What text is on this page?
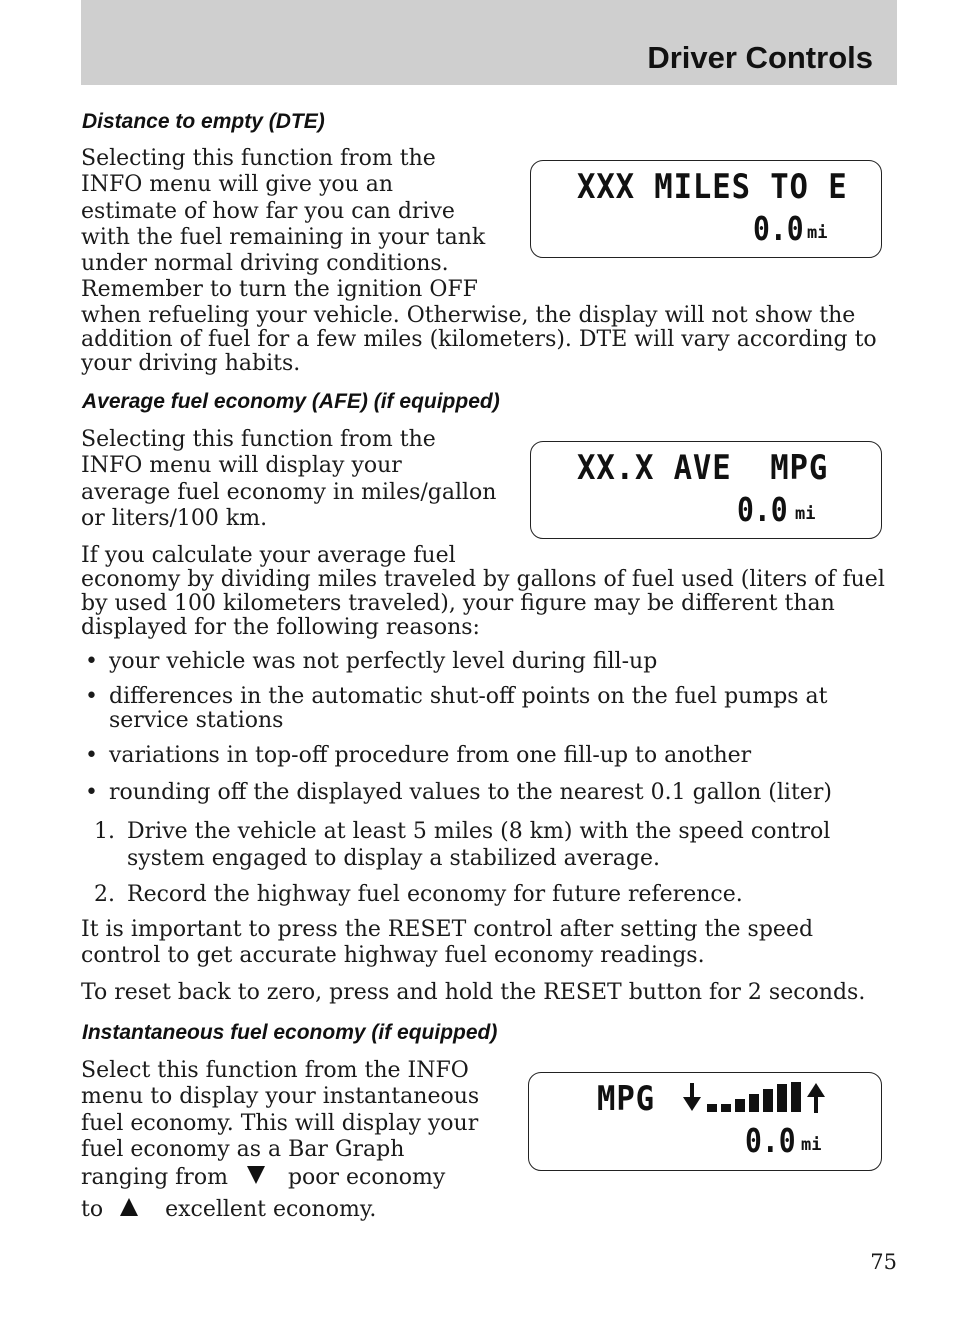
Driver Controls
Distance to empty (DTE)
Selecting this function from the
INFO menu will give you an
estimate of how far you can drive
with the fuel remaining in your tank
under normal driving conditions.
Remember to turn the ignition OFF
when refueling your vehicle. Otherwise, the display will not show the
addition of fuel for a few miles (kilometers). DTE will vary according to
your driving habits.
XXX MILES TO E
0.0 mi
Average fuel economy (AFE) (if equipped)
Selecting this function from the
INFO menu will display your
average fuel economy in miles/gallon
or liters/100 km.
XX.X AVE  MPG
0.0 mi
If you calculate your average fuel
economy by dividing miles traveled by gallons of fuel used (liters of fuel
by used 100 kilometers traveled), your figure may be different than
displayed for the following reasons:
• your vehicle was not perfectly level during fill-up
• differences in the automatic shut-off points on the fuel pumps at
service stations
• variations in top-off procedure from one fill-up to another
• rounding off the displayed values to the nearest 0.1 gallon (liter)
1. Drive the vehicle at least 5 miles (8 km) with the speed control
system engaged to display a stabilized average.
2. Record the highway fuel economy for future reference.
It is important to press the RESET control after setting the speed
control to get accurate highway fuel economy readings.
To reset back to zero, press and hold the RESET button for 2 seconds.
Instantaneous fuel economy (if equipped)
Select this function from the INFO
menu to display your instantaneous
fuel economy. This will display your
fuel economy as a Bar Graph
ranging from	poor economy
to	excellent economy.
MPG
0.0 mi
75
